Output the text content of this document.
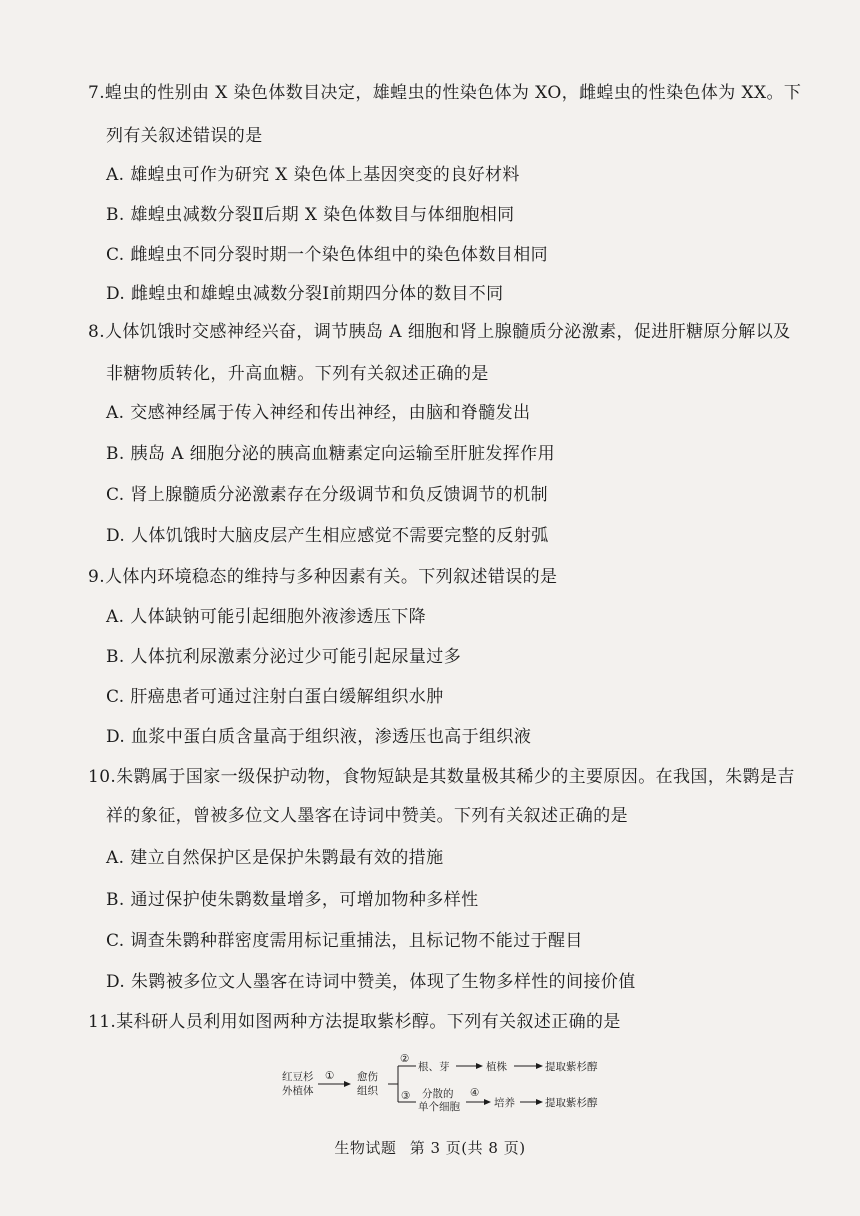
7.蝗虫的性别由 X 染色体数目决定，雄蝗虫的性染色体为 XO，雌蝗虫的性染色体为 XX。下
列有关叙述错误的是
A. 雄蝗虫可作为研究 X 染色体上基因突变的良好材料
B. 雄蝗虫减数分裂Ⅱ后期 X 染色体数目与体细胞相同
C. 雌蝗虫不同分裂时期一个染色体组中的染色体数目相同
D. 雌蝗虫和雄蝗虫减数分裂Ⅰ前期四分体的数目不同
8.人体饥饿时交感神经兴奋，调节胰岛 A 细胞和肾上腺髓质分泌激素，促进肝糖原分解以及
非糖物质转化，升高血糖。下列有关叙述正确的是
A. 交感神经属于传入神经和传出神经，由脑和脊髓发出
B. 胰岛 A 细胞分泌的胰高血糖素定向运输至肝脏发挥作用
C. 肾上腺髓质分泌激素存在分级调节和负反馈调节的机制
D. 人体饥饿时大脑皮层产生相应感觉不需要完整的反射弧
9.人体内环境稳态的维持与多种因素有关。下列叙述错误的是
A. 人体缺钠可能引起细胞外液渗透压下降
B. 人体抗利尿激素分泌过少可能引起尿量过多
C. 肝癌患者可通过注射白蛋白缓解组织水肿
D. 血浆中蛋白质含量高于组织液，渗透压也高于组织液
10.朱鹮属于国家一级保护动物，食物短缺是其数量极其稀少的主要原因。在我国，朱鹮是吉
祥的象征，曾被多位文人墨客在诗词中赞美。下列有关叙述正确的是
A. 建立自然保护区是保护朱鹮最有效的措施
B. 通过保护使朱鹮数量增多，可增加物种多样性
C. 调查朱鹮种群密度需用标记重捕法，且标记物不能过于醒目
D. 朱鹮被多位文人墨客在诗词中赞美，体现了生物多样性的间接价值
11.某科研人员利用如图两种方法提取紫杉醇。下列有关叙述正确的是
红豆杉
外植体
① 愈伤
组织
②
根、芽	植株	提取紫杉醇
③ 分散的
单个细胞
④
培养	提取紫杉醇
生物试题 第 3 页(共 8 页)
